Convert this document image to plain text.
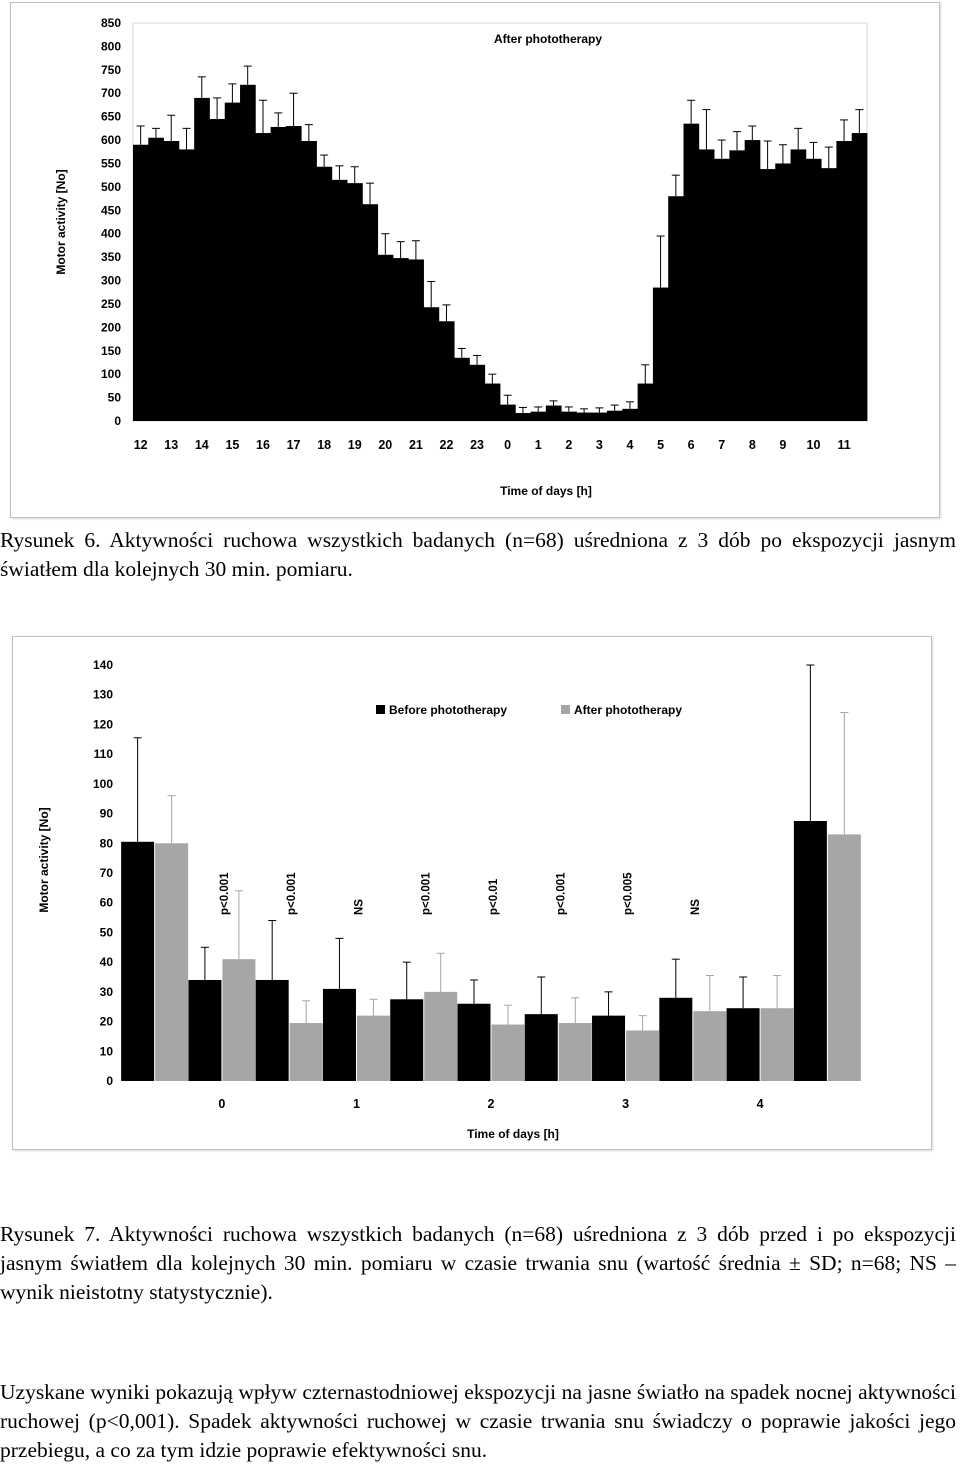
0
50
100
150
200
250
300
350
400
450
500
550
600
650
700
750
800
850
12 13 14 15 16 17 18 19 20 21 22 23 0 1 2 3 4 5 6 7 8 9 10 11
After phototherapy
Time of days [h]
Motor activity [No]

Rysunek 6. Aktywności ruchowa wszystkich badanych (n=68) uśredniona z 3 dób po ekspozycji jasnym światłem dla kolejnych 30 min. pomiaru.

0
10
20
30
40
50
60
70
80
90
100
110
120
130
140
p<0.001	p<0.001	NS	p<0.001	p<0.01	p<0.001	p<0.005	NS
0	1	2	3	4
Before phototherapy	After phototherapy
Time of days [h]
Motor activity [No]

Rysunek 7. Aktywności ruchowa wszystkich badanych (n=68) uśredniona z 3 dób przed i po ekspozycji jasnym światłem dla kolejnych 30 min. pomiaru w czasie trwania snu (wartość średnia ± SD; n=68; NS – wynik nieistotny statystycznie).

Uzyskane wyniki pokazują wpływ czternastodniowej ekspozycji na jasne światło na spadek nocnej aktywności ruchowej (p<0,001). Spadek aktywności ruchowej w czasie trwania snu świadczy o poprawie jakości jego przebiegu, a co za tym idzie poprawie efektywności snu.
